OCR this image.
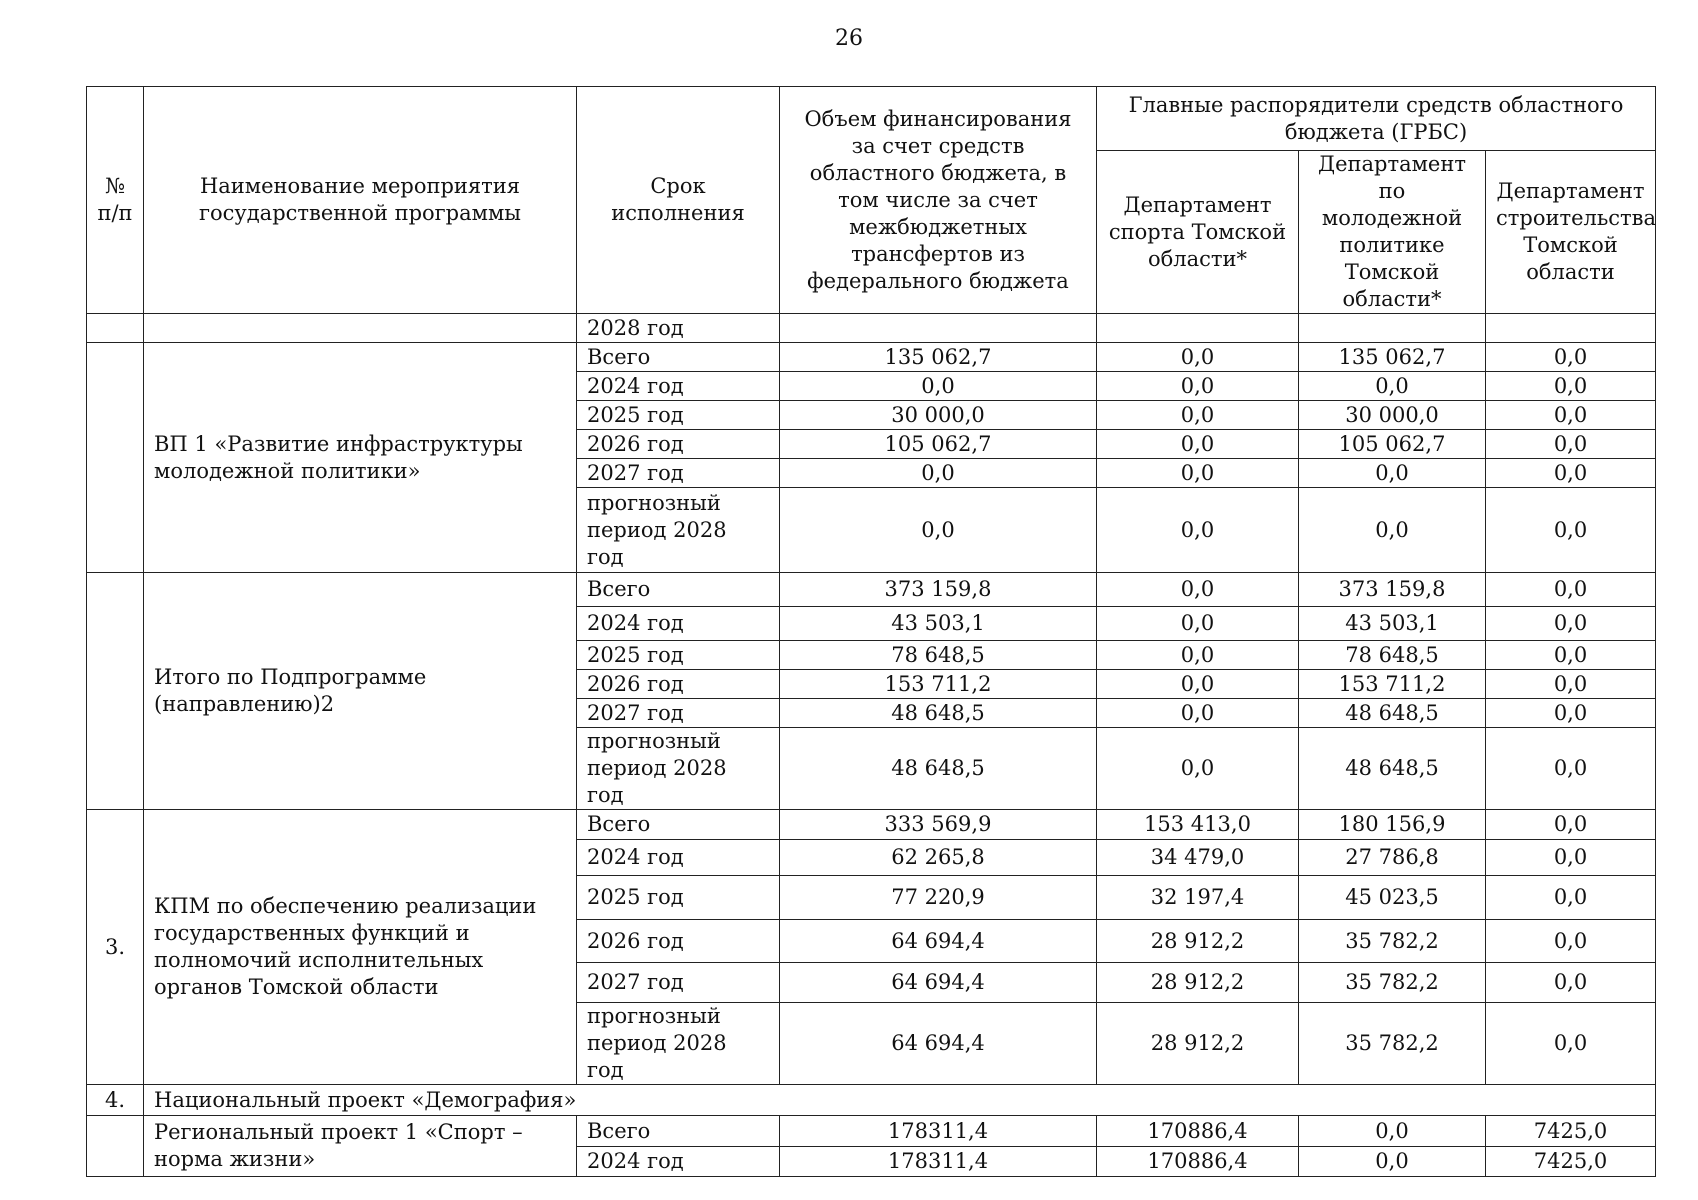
26
№ п/п	Наименование мероприятия государственной программы	Срок исполнения	Объем финансирования за счет средств областного бюджета, в том числе за счет межбюджетных трансфертов из федерального бюджета	Главные распорядители средств областного бюджета (ГРБС)		
				Департамент спорта Томской области*	Департамент по молодежной политике Томской области*	Департамент строительства Томской области
		2028 год				
	ВП 1 «Развитие инфраструктуры молодежной политики»	Всего	135 062,7	0,0	135 062,7	0,0
		2024 год	0,0	0,0	0,0	0,0
		2025 год	30 000,0	0,0	30 000,0	0,0
		2026 год	105 062,7	0,0	105 062,7	0,0
		2027 год	0,0	0,0	0,0	0,0
		прогнозный период 2028 год	0,0	0,0	0,0	0,0
	Итого по Подпрограмме (направлению)2	Всего	373 159,8	0,0	373 159,8	0,0
		2024 год	43 503,1	0,0	43 503,1	0,0
		2025 год	78 648,5	0,0	78 648,5	0,0
		2026 год	153 711,2	0,0	153 711,2	0,0
		2027 год	48 648,5	0,0	48 648,5	0,0
		прогнозный период 2028 год	48 648,5	0,0	48 648,5	0,0
3.	КПМ по обеспечению реализации государственных функций и полномочий исполнительных органов Томской области	Всего	333 569,9	153 413,0	180 156,9	0,0
		2024 год	62 265,8	34 479,0	27 786,8	0,0
		2025 год	77 220,9	32 197,4	45 023,5	0,0
		2026 год	64 694,4	28 912,2	35 782,2	0,0
		2027 год	64 694,4	28 912,2	35 782,2	0,0
		прогнозный период 2028 год	64 694,4	28 912,2	35 782,2	0,0
4.	Национальный проект «Демография»					
	Региональный проект 1 «Спорт – норма жизни»	Всего	178311,4	170886,4	0,0	7425,0
		2024 год	178311,4	170886,4	0,0	7425,0
